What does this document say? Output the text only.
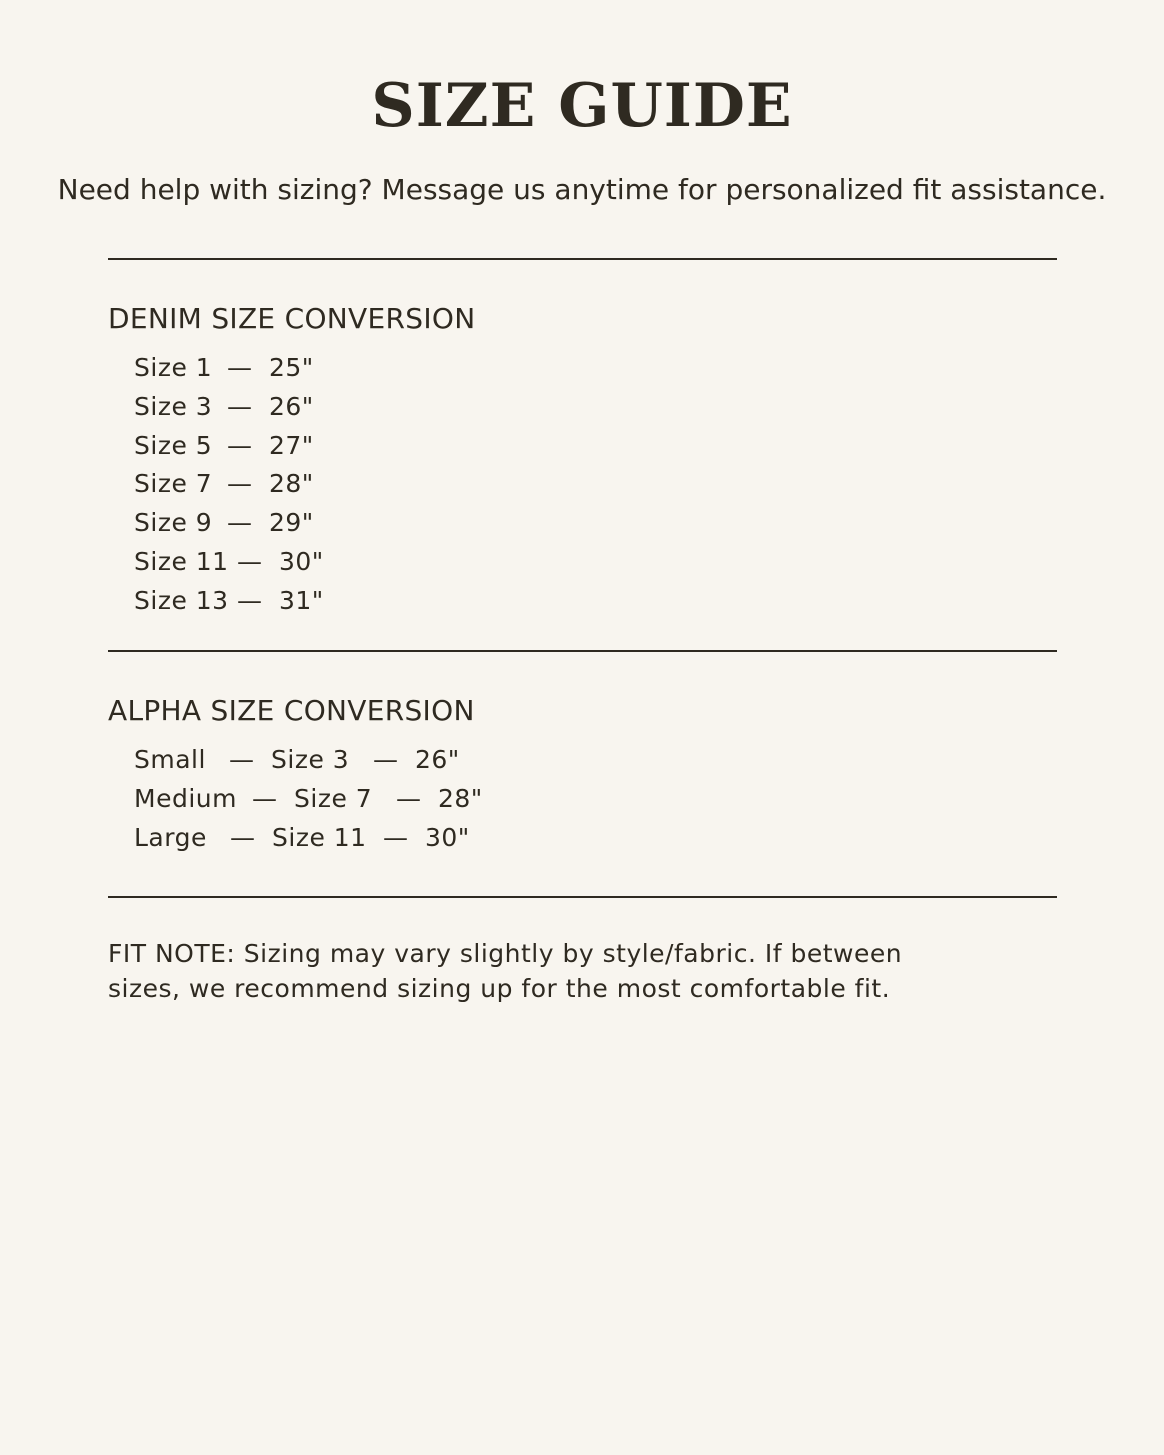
SIZE GUIDE

Need help with sizing? Message us anytime for personalized fit assistance.

DENIM SIZE CONVERSION
Size 1 — 25"
Size 3 — 26"
Size 5 — 27"
Size 7 — 28"
Size 9 — 29"
Size 11 — 30"
Size 13 — 31"
ALPHA SIZE CONVERSION
Small — Size 3 — 26"
Medium — Size 7 — 28"
Large — Size 11 — 30"

FIT NOTE: Sizing may vary slightly by style/fabric. If between sizes, we recommend sizing up for the most comfortable fit.
